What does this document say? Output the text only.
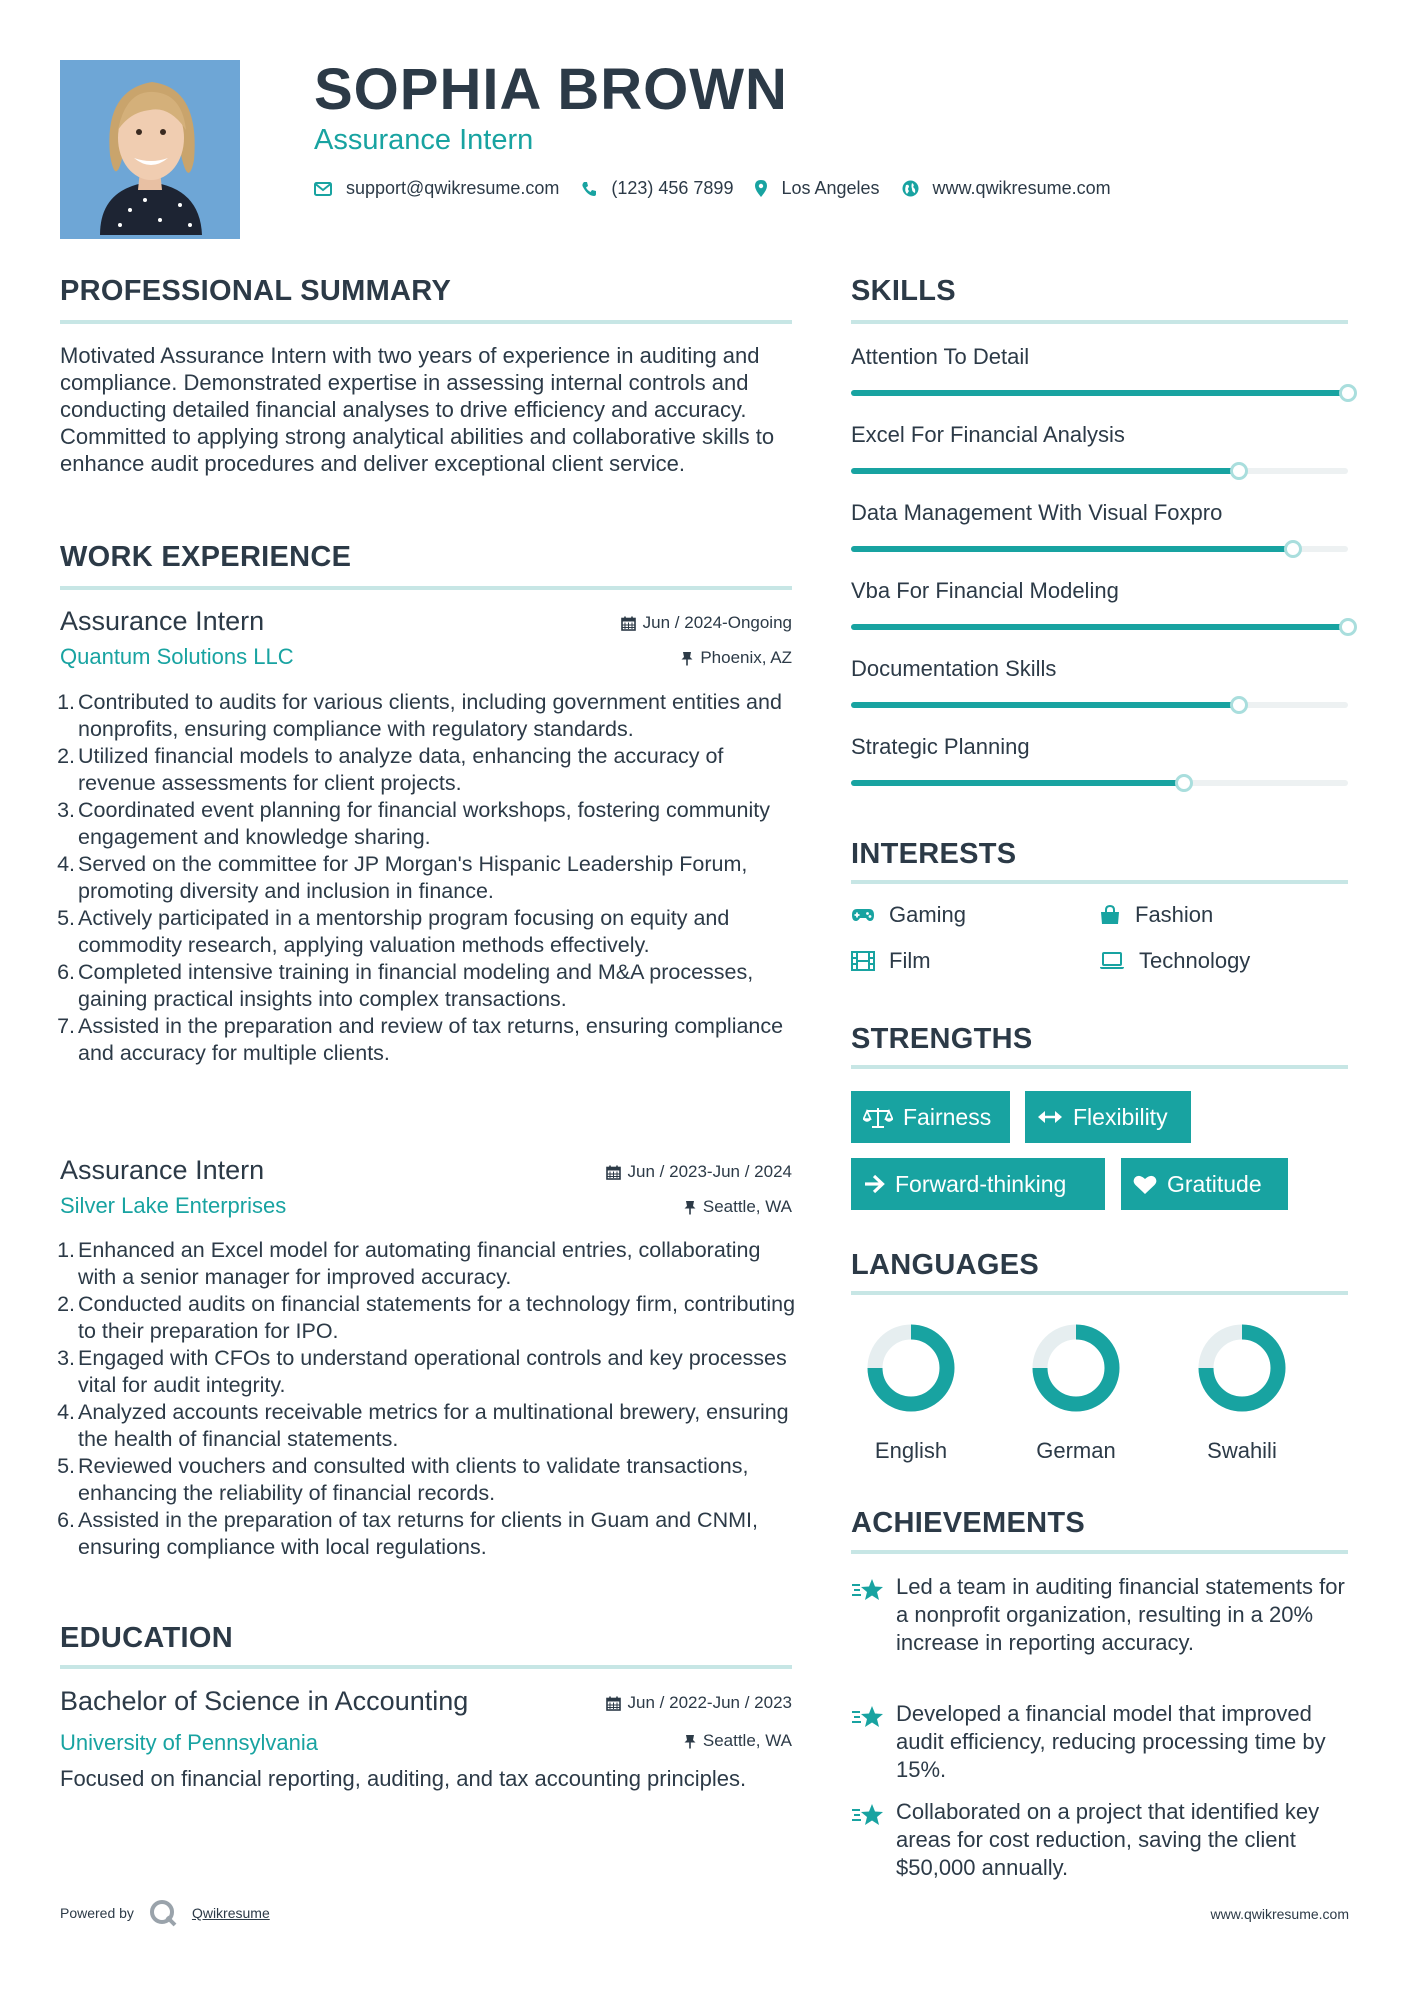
SOPHIA BROWN
Assurance Intern
support@qwikresume.com	(123) 456 7899	Los Angeles	www.qwikresume.com
PROFESSIONAL SUMMARY
Motivated Assurance Intern with two years of experience in auditing and compliance. Demonstrated expertise in assessing internal controls and conducting detailed financial analyses to drive efficiency and accuracy. Committed to applying strong analytical abilities and collaborative skills to enhance audit procedures and deliver exceptional client service.
WORK EXPERIENCE
Assurance Intern
Quantum Solutions LLC
Jun / 2024-Ongoing
Phoenix, AZ
1. Contributed to audits for various clients, including government entities and nonprofits, ensuring compliance with regulatory standards.
2. Utilized financial models to analyze data, enhancing the accuracy of revenue assessments for client projects.
3. Coordinated event planning for financial workshops, fostering community engagement and knowledge sharing.
4. Served on the committee for JP Morgan's Hispanic Leadership Forum, promoting diversity and inclusion in finance.
5. Actively participated in a mentorship program focusing on equity and commodity research, applying valuation methods effectively.
6. Completed intensive training in financial modeling and M&A processes, gaining practical insights into complex transactions.
7. Assisted in the preparation and review of tax returns, ensuring compliance and accuracy for multiple clients.
Assurance Intern
Silver Lake Enterprises
Jun / 2023-Jun / 2024
Seattle, WA
1. Enhanced an Excel model for automating financial entries, collaborating with a senior manager for improved accuracy.
2. Conducted audits on financial statements for a technology firm, contributing to their preparation for IPO.
3. Engaged with CFOs to understand operational controls and key processes vital for audit integrity.
4. Analyzed accounts receivable metrics for a multinational brewery, ensuring the health of financial statements.
5. Reviewed vouchers and consulted with clients to validate transactions, enhancing the reliability of financial records.
6. Assisted in the preparation of tax returns for clients in Guam and CNMI, ensuring compliance with local regulations.
EDUCATION
Bachelor of Science in Accounting
University of Pennsylvania
Jun / 2022-Jun / 2023
Seattle, WA
Focused on financial reporting, auditing, and tax accounting principles.
SKILLS
Attention To Detail
Excel For Financial Analysis
Data Management With Visual Foxpro
Vba For Financial Modeling
Documentation Skills
Strategic Planning
INTERESTS
Gaming	Fashion
Film	Technology
STRENGTHS
Fairness	Flexibility
Forward-thinking	Gratitude
LANGUAGES
English	German	Swahili
ACHIEVEMENTS
Led a team in auditing financial statements for a nonprofit organization, resulting in a 20% increase in reporting accuracy.
Developed a financial model that improved audit efficiency, reducing processing time by 15%.
Collaborated on a project that identified key areas for cost reduction, saving the client $50,000 annually.
Powered by	Qwikresume	www.qwikresume.com
